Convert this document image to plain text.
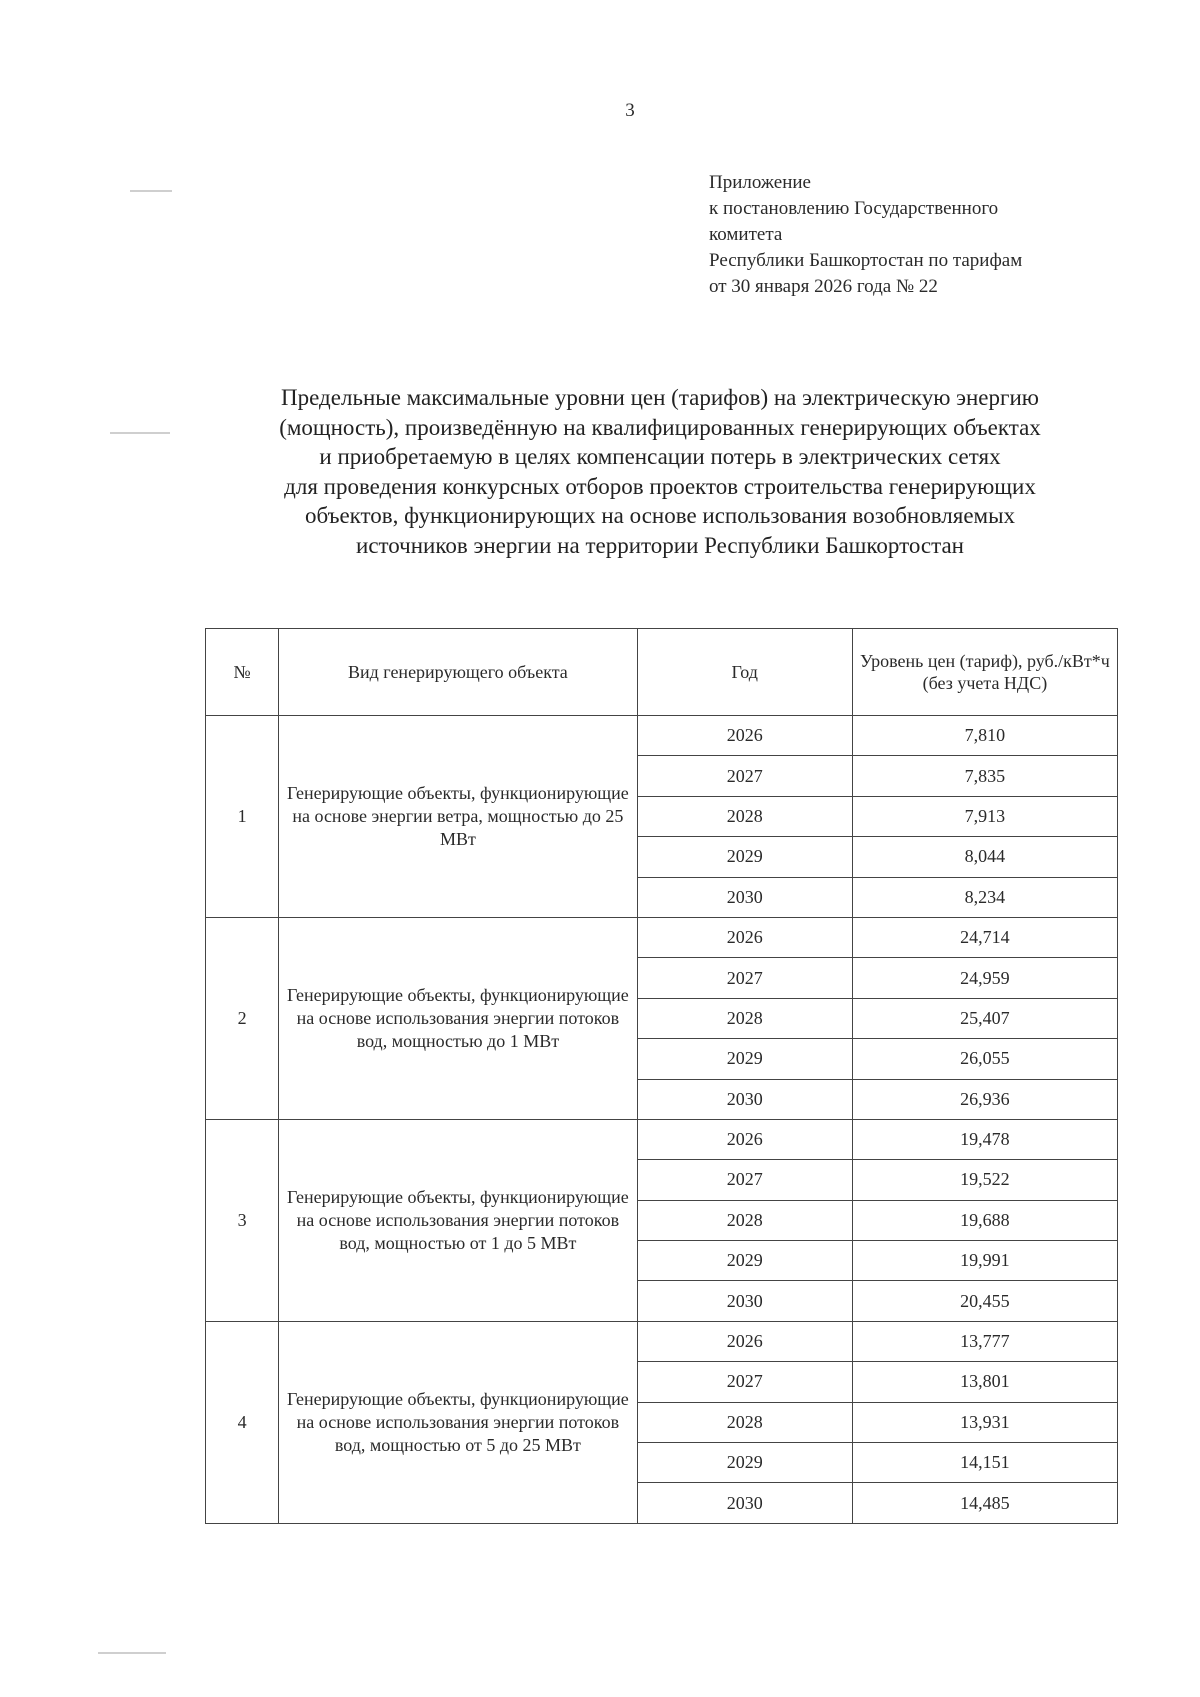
3
Приложение
к постановлению Государственного
комитета
Республики Башкортостан по тарифам
от 30 января 2026 года № 22
Предельные максимальные уровни цен (тарифов) на электрическую энергию
(мощность), произведённую на квалифицированных генерирующих объектах
и приобретаемую в целях компенсации потерь в электрических сетях
для проведения конкурсных отборов проектов строительства генерирующих
объектов, функционирующих на основе использования возобновляемых
источников энергии на территории Республики Башкортостан
№	Вид генерирующего объекта	Год	Уровень цен (тариф), руб./кВт*ч (без учета НДС)
1	Генерирующие объекты, функционирующие на основе энергии ветра, мощностью до 25 МВт	2026	7,810
		2027	7,835
		2028	7,913
		2029	8,044
		2030	8,234
2	Генерирующие объекты, функционирующие на основе использования энергии потоков вод, мощностью до 1 МВт	2026	24,714
		2027	24,959
		2028	25,407
		2029	26,055
		2030	26,936
3	Генерирующие объекты, функционирующие на основе использования энергии потоков вод, мощностью от 1 до 5 МВт	2026	19,478
		2027	19,522
		2028	19,688
		2029	19,991
		2030	20,455
4	Генерирующие объекты, функционирующие на основе использования энергии потоков вод, мощностью от 5 до 25 МВт	2026	13,777
		2027	13,801
		2028	13,931
		2029	14,151
		2030	14,485
